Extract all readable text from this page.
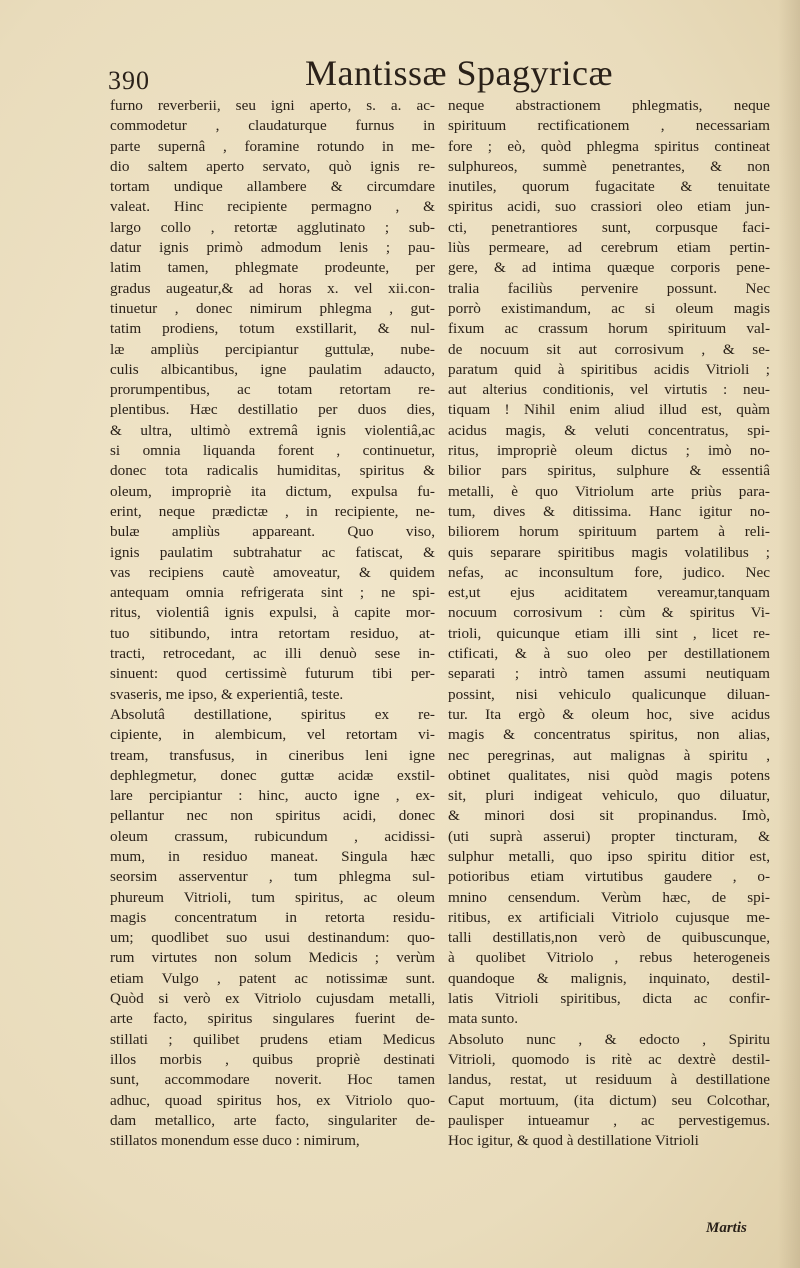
390	Mantissæ Spagyricæ
furno reverberii, seu igni aperto, s. a. ac-
commodetur , claudaturque furnus in
parte supernâ , foramine rotundo in me-
dio saltem aperto servato, quò ignis re-
tortam undique allambere & circumdare
valeat. Hinc recipiente permagno , &
largo collo , retortæ agglutinato ; sub-
datur ignis primò admodum lenis ; pau-
latim tamen, phlegmate prodeunte, per
gradus augeatur,& ad horas x. vel xii.con-
tinuetur , donec nimirum phlegma , gut-
tatim prodiens, totum exstillarit, & nul-
læ ampliùs percipiantur guttulæ, nube-
culis albicantibus, igne paulatim adaucto,
prorumpentibus, ac totam retortam re-
plentibus. Hæc destillatio per duos dies,
& ultra, ultimò extremâ ignis violentiâ,ac
si omnia liquanda forent , continuetur,
donec tota radicalis humiditas, spiritus &
oleum, impropriè ita dictum, expulsa fu-
erint, neque prædictæ , in recipiente, ne-
bulæ ampliùs appareant. Quo viso,
ignis paulatim subtrahatur ac fatiscat, &
vas recipiens cautè amoveatur, & quidem
antequam omnia refrigerata sint ; ne spi-
ritus, violentiâ ignis expulsi, à capite mor-
tuo sitibundo, intra retortam residuo, at-
tracti, retrocedant, ac illi denuò sese in-
sinuent: quod certissimè futurum tibi per-
svaseris, me ipso, & experientiâ, teste.
Absolutâ destillatione, spiritus ex re-
cipiente, in alembicum, vel retortam vi-
tream, transfusus, in cineribus leni igne
dephlegmetur, donec guttæ acidæ exstil-
lare percipiantur : hinc, aucto igne , ex-
pellantur nec non spiritus acidi, donec
oleum crassum, rubicundum , acidissi-
mum, in residuo maneat. Singula hæc
seorsim asserventur , tum phlegma sul-
phureum Vitrioli, tum spiritus, ac oleum
magis concentratum in retorta residu-
um; quodlibet suo usui destinandum: quo-
rum virtutes non solum Medicis ; verùm
etiam Vulgo , patent ac notissimæ sunt.
Quòd si verò ex Vitriolo cujusdam metalli,
arte facto, spiritus singulares fuerint de-
stillati ; quilibet prudens etiam Medicus
illos morbis , quibus propriè destinati
sunt, accommodare noverit. Hoc tamen
adhuc, quoad spiritus hos, ex Vitriolo quo-
dam metallico, arte facto, singulariter de-
stillatos monendum esse duco : nimirum,
neque abstractionem phlegmatis, neque
spirituum rectificationem , necessariam
fore ; eò, quòd phlegma spiritus contineat
sulphureos, summè penetrantes, & non
inutiles, quorum fugacitate & tenuitate
spiritus acidi, suo crassiori oleo etiam jun-
cti, penetrantiores sunt, corpusque faci-
liùs permeare, ad cerebrum etiam pertin-
gere, & ad intima quæque corporis pene-
tralia faciliùs pervenire possunt. Nec
porrò existimandum, ac si oleum magis
fixum ac crassum horum spirituum val-
de nocuum sit aut corrosivum , & se-
paratum quid à spiritibus acidis Vitrioli ;
aut alterius conditionis, vel virtutis : neu-
tiquam ! Nihil enim aliud illud est, quàm
acidus magis, & veluti concentratus, spi-
ritus, impropriè oleum dictus ; imò no-
bilior pars spiritus, sulphure & essentiâ
metalli, è quo Vitriolum arte priùs para-
tum, dives & ditissima. Hanc igitur no-
biliorem horum spirituum partem à reli-
quis separare spiritibus magis volatilibus ;
nefas, ac inconsultum fore, judico. Nec
est,ut ejus aciditatem vereamur,tanquam
nocuum corrosivum : cùm & spiritus Vi-
trioli, quicunque etiam illi sint , licet re-
ctificati, & à suo oleo per destillationem
separati ; intrò tamen assumi neutiquam
possint, nisi vehiculo qualicunque diluan-
tur. Ita ergò & oleum hoc, sive acidus
magis & concentratus spiritus, non alias,
nec peregrinas, aut malignas à spiritu ,
obtinet qualitates, nisi quòd magis potens
sit, pluri indigeat vehiculo, quo diluatur,
& minori dosi sit propinandus. Imò,
(uti suprà asserui) propter tincturam, &
sulphur metalli, quo ipso spiritu ditior est,
potioribus etiam virtutibus gaudere , o-
mnino censendum. Verùm hæc, de spi-
ritibus, ex artificiali Vitriolo cujusque me-
talli destillatis,non verò de quibuscunque,
à quolibet Vitriolo , rebus heterogeneis
quandoque & malignis, inquinato, destil-
latis Vitrioli spiritibus, dicta ac confir-
mata sunto.
Absoluto nunc , & edocto , Spiritu
Vitrioli, quomodo is ritè ac dextrè destil-
landus, restat, ut residuum à destillatione
Caput mortuum, (ita dictum) seu Colcothar,
paulisper intueamur , ac pervestigemus.
Hoc igitur, & quod à destillatione Vitrioli
Martis
